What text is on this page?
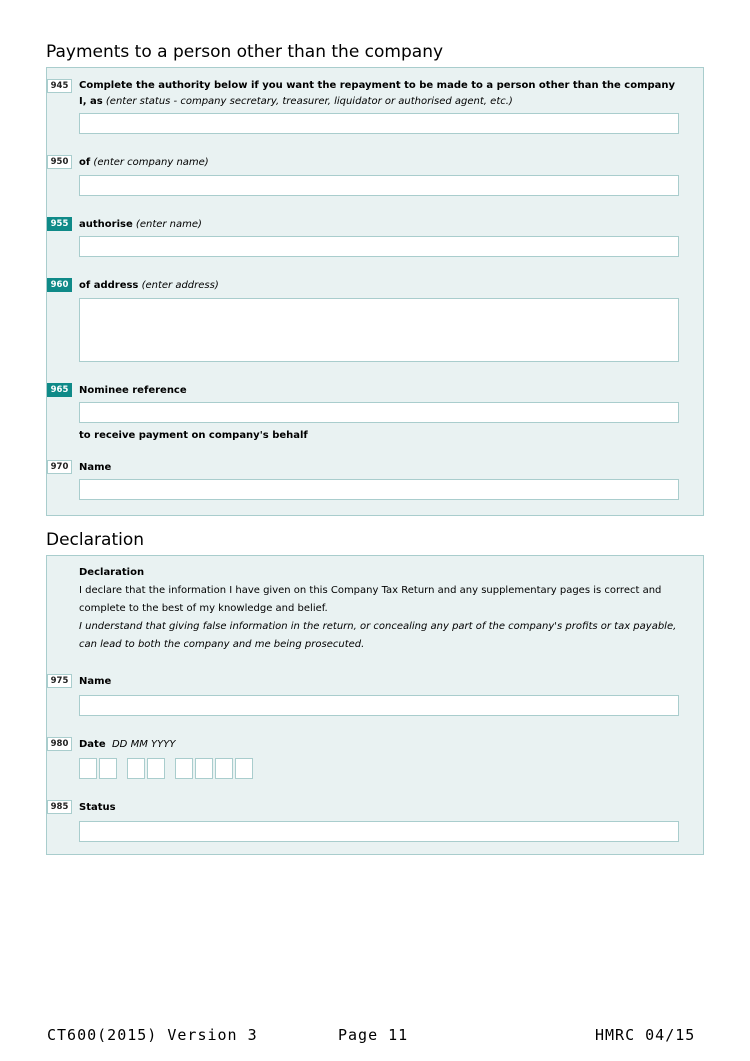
Payments to a person other than the company
945	Complete the authority below if you want the repayment to be made to a person other than the company
I, as (enter status - company secretary, treasurer, liquidator or authorised agent, etc.)
950	of (enter company name)
955	authorise (enter name)
960	of address (enter address)
965	Nominee reference
to receive payment on company's behalf
970	Name
Declaration
Declaration
I declare that the information I have given on this Company Tax Return and any supplementary pages is correct and complete to the best of my knowledge and belief.
I understand that giving false information in the return, or concealing any part of the company's profits or tax payable, can lead to both the company and me being prosecuted.
975	Name
980	Date DD MM YYYY
985	Status
CT600(2015) Version 3	Page 11	HMRC 04/15
